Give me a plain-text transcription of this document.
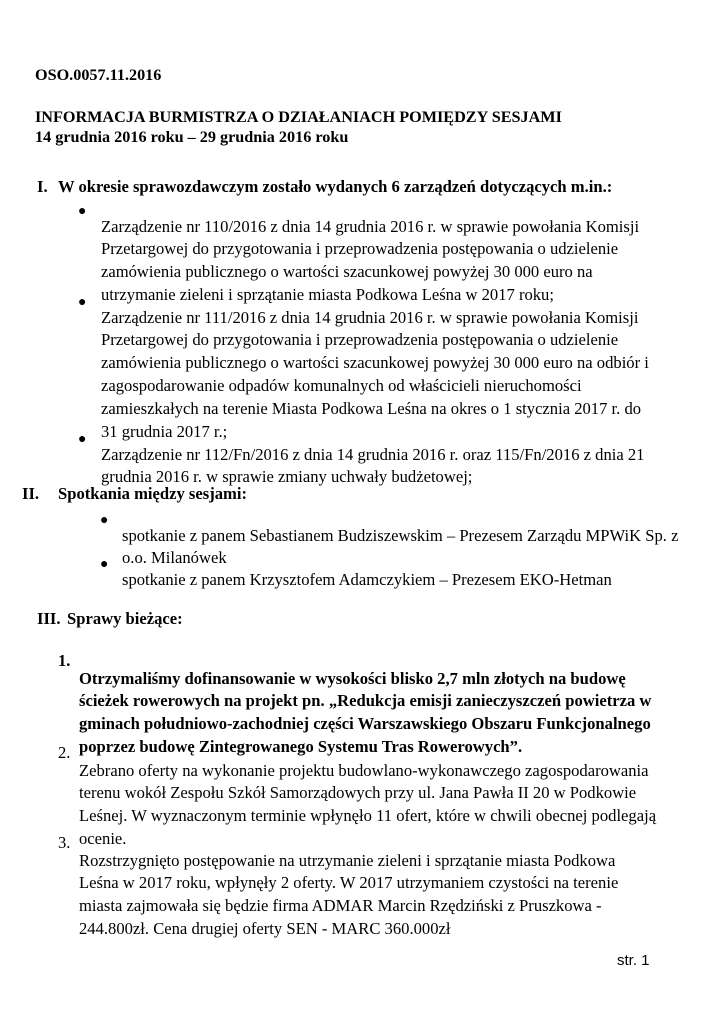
OSO.0057.11.2016

INFORMACJA BURMISTRZA O DZIAŁANIACH POMIĘDZY SESJAMI

14 grudnia 2016 roku – 29 grudnia 2016 roku

I. W okresie sprawozdawczym zostało wydanych 6 zarządzeń dotyczących m.in.:

●

Zarządzenie nr 110/2016 z dnia 14 grudnia 2016 r. w sprawie powołania Komisji Przetargowej do przygotowania i przeprowadzenia postępowania o udzielenie zamówienia publicznego o wartości szacunkowej powyżej 30 000 euro na utrzymanie zieleni i sprzątanie miasta Podkowa Leśna w 2017 roku;

●

Zarządzenie nr 111/2016 z dnia 14 grudnia 2016 r. w sprawie powołania Komisji Przetargowej do przygotowania i przeprowadzenia postępowania o udzielenie zamówienia publicznego o wartości szacunkowej powyżej 30 000 euro na odbiór i zagospodarowanie odpadów komunalnych od właścicieli nieruchomości zamieszkałych na terenie Miasta Podkowa Leśna na okres o 1 stycznia 2017 r. do 31 grudnia 2017 r.;

●

Zarządzenie nr 112/Fn/2016 z dnia 14 grudnia 2016 r. oraz 115/Fn/2016 z dnia 21 grudnia 2016 r. w sprawie zmiany uchwały budżetowej;

II. Spotkania między sesjami:

●

spotkanie z panem Sebastianem Budziszewskim – Prezesem Zarządu MPWiK Sp. z o.o. Milanówek

●

spotkanie z panem Krzysztofem Adamczykiem – Prezesem EKO-Hetman

III. Sprawy bieżące:

1.

Otrzymaliśmy dofinansowanie w wysokości blisko 2,7 mln złotych na budowę ścieżek rowerowych na projekt pn. „Redukcja emisji zanieczyszczeń powietrza w gminach południowo-zachodniej części Warszawskiego Obszaru Funkcjonalnego poprzez budowę Zintegrowanego Systemu Tras Rowerowych”.

2.

Zebrano oferty na wykonanie projektu budowlano-wykonawczego zagospodarowania terenu wokół Zespołu Szkół Samorządowych przy ul. Jana Pawła II 20 w Podkowie Leśnej. W wyznaczonym terminie wpłynęło 11 ofert, które w chwili obecnej podlegają ocenie.

3.

Rozstrzygnięto postępowanie na utrzymanie zieleni i sprzątanie miasta Podkowa Leśna w 2017 roku, wpłynęły 2 oferty. W 2017 utrzymaniem czystości na terenie miasta zajmowała się będzie firma ADMAR Marcin Rzędziński z Pruszkowa - 244.800zł. Cena drugiej oferty SEN - MARC 360.000zł

str. 1
